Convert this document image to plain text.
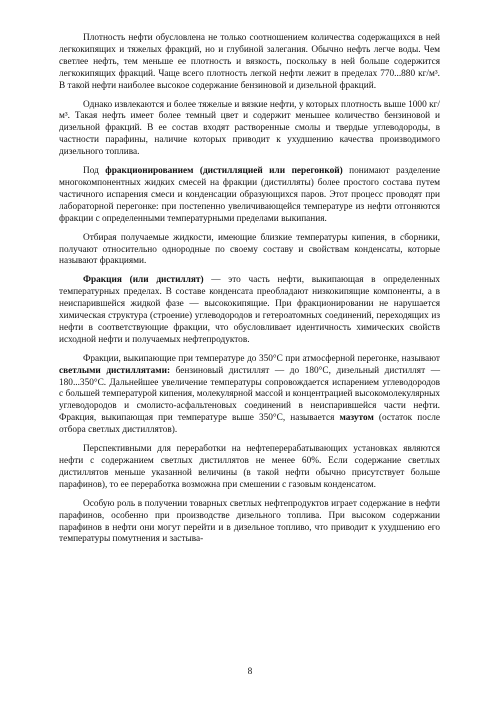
Плотность нефти обусловлена не только соотношением количества содержащихся в ней легкокипящих и тяжелых фракций, но и глубиной залегания. Обычно нефть легче воды. Чем светлее нефть, тем меньше ее плотность и вязкость, поскольку в ней больше содержится легкокипящих фракций. Чаще всего плотность легкой нефти лежит в пределах 770...880 кг/м³. В такой нефти наиболее высокое содержание бензиновой и дизельной фракций.

Однако извлекаются и более тяжелые и вязкие нефти, у которых плотность выше 1000 кг/м³. Такая нефть имеет более темный цвет и содержит меньшее количество бензиновой и дизельной фракций. В ее состав входят растворенные смолы и твердые углеводороды, в частности парафины, наличие которых приводит к ухудшению качества производимого дизельного топлива.

Под фракционированием (дистилляцией или перегонкой) понимают разделение многокомпонентных жидких смесей на фракции (дистилляты) более простого состава путем частичного испарения смеси и конденсации образующихся паров. Этот процесс проводят при лабораторной перегонке: при постепенно увеличивающейся температуре из нефти отгоняются фракции с определенными температурными пределами выкипания.

Отбирая получаемые жидкости, имеющие близкие температуры кипения, в сборники, получают относительно однородные по своему составу и свойствам конденсаты, которые называют фракциями.

Фракция (или дистиллят) — это часть нефти, выкипающая в определенных температурных пределах. В составе конденсата преобладают низкокипящие компоненты, а в неиспарившейся жидкой фазе — высококипящие. При фракционировании не нарушается химическая структура (строение) углеводородов и гетероатомных соединений, переходящих из нефти в соответствующие фракции, что обусловливает идентичность химических свойств исходной нефти и получаемых нефтепродуктов.

Фракции, выкипающие при температуре до 350°С при атмосферной перегонке, называют светлыми дистиллятами: бензиновый дистиллят — до 180°С, дизельный дистиллят — 180...350°С. Дальнейшее увеличение температуры сопровождается испарением углеводородов с большей температурой кипения, молекулярной массой и концентрацией высокомолекулярных углеводородов и смолисто-асфальтеновых соединений в неиспарившейся части нефти. Фракция, выкипающая при температуре выше 350°С, называется мазутом (остаток после отбора светлых дистиллятов).

Перспективными для переработки на нефтеперерабатывающих установках являются нефти с содержанием светлых дистиллятов не менее 60%. Если содержание светлых дистиллятов меньше указанной величины (в такой нефти обычно присутствует больше парафинов), то ее переработка возможна при смешении с газовым конденсатом.

Особую роль в получении товарных светлых нефтепродуктов играет содержание в нефти парафинов, особенно при производстве дизельного топлива. При высоком содержании парафинов в нефти они могут перейти и в дизельное топливо, что приводит к ухудшению его температуры помутнения и застыва-

8
